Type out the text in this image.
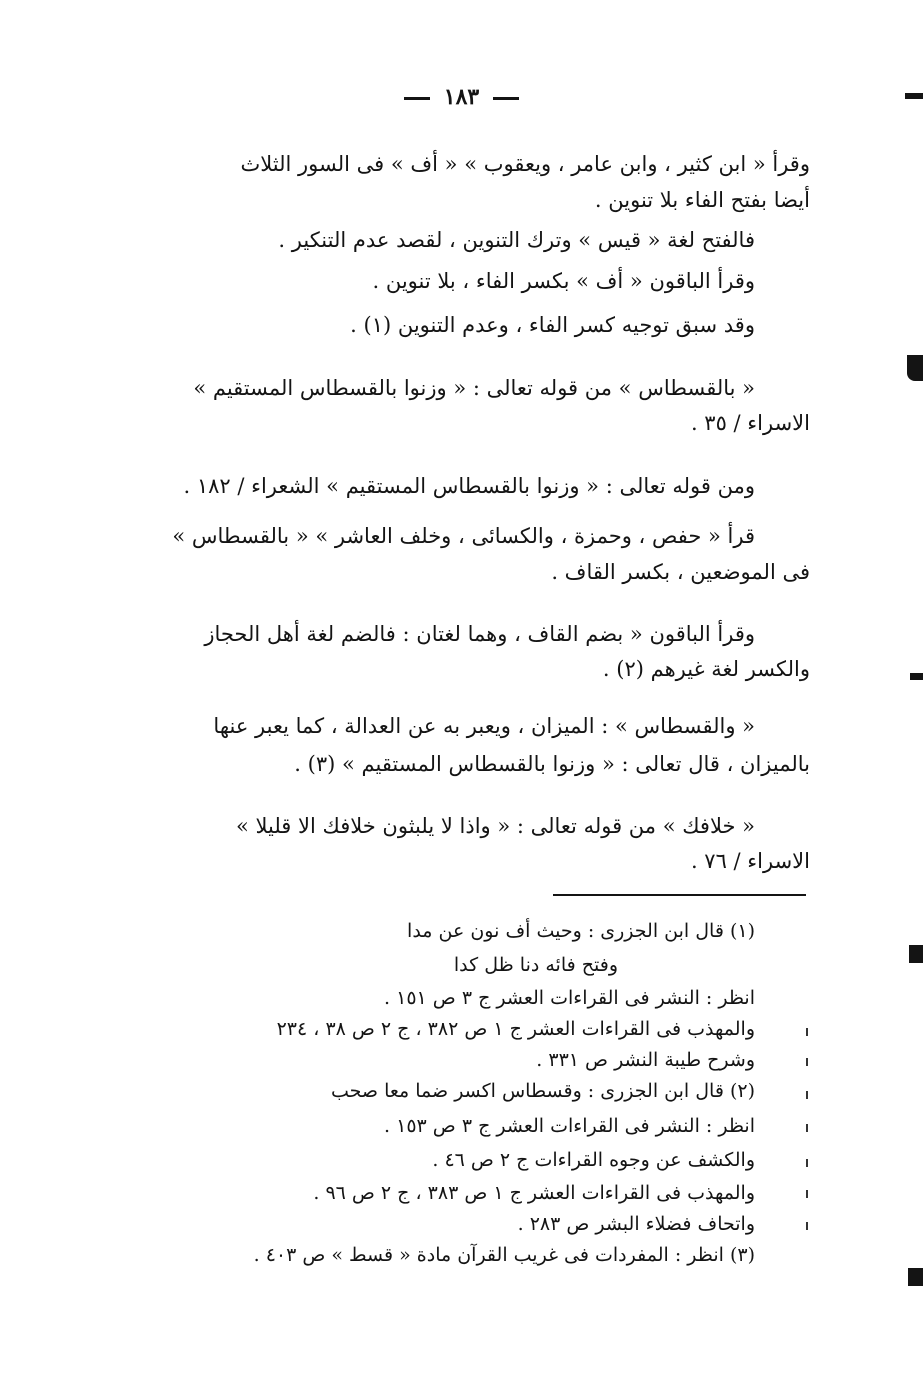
١٨٣
وقرأ « ابن كثير ، وابن عامر ، ويعقوب » « أف » فى السور الثلاث
أيضا بفتح الفاء بلا تنوين .
فالفتح لغة « قيس » وترك التنوين ، لقصد عدم التنكير .
وقرأ الباقون « أف » بكسر الفاء ، بلا تنوين .
وقد سبق توجيه كسر الفاء ، وعدم التنوين (١) .
« بالقسطاس » من قوله تعالى : « وزنوا بالقسطاس المستقيم »
الاسراء / ٣٥ .
ومن قوله تعالى : « وزنوا بالقسطاس المستقيم » الشعراء / ١٨٢ .
قرأ « حفص ، وحمزة ، والكسائى ، وخلف العاشر » « بالقسطاس »
فى الموضعين ، بكسر القاف .
وقرأ الباقون « بضم القاف ، وهما لغتان : فالضم لغة أهل الحجاز
والكسر لغة غيرهم (٢) .
« والقسطاس » : الميزان ، ويعبر به عن العدالة ، كما يعبر عنها
بالميزان ، قال تعالى : « وزنوا بالقسطاس المستقيم » (٣) .
« خلافك » من قوله تعالى : « واذا لا يلبثون خلافك الا قليلا »
الاسراء / ٧٦ .
(١) قال ابن الجزرى : وحيث أف نون عن مدا
وفتح فائه دنا ظل كدا
انظر : النشر فى القراءات العشر ج ٣ ص ١٥١ .
والمهذب فى القراءات العشر ج ١ ص ٣٨٢ ، ج ٢ ص ٣٨ ، ٢٣٤
وشرح طيبة النشر ص ٣٣١ .
(٢) قال ابن الجزرى : وقسطاس اكسر ضما معا صحب
انظر : النشر فى القراءات العشر ج ٣ ص ١٥٣ .
والكشف عن وجوه القراءات ج ٢ ص ٤٦ .
والمهذب فى القراءات العشر ج ١ ص ٣٨٣ ، ج ٢ ص ٩٦ .
واتحاف فضلاء البشر ص ٢٨٣ .
(٣) انظر : المفردات فى غريب القرآن مادة « قسط » ص ٤٠٣ .
